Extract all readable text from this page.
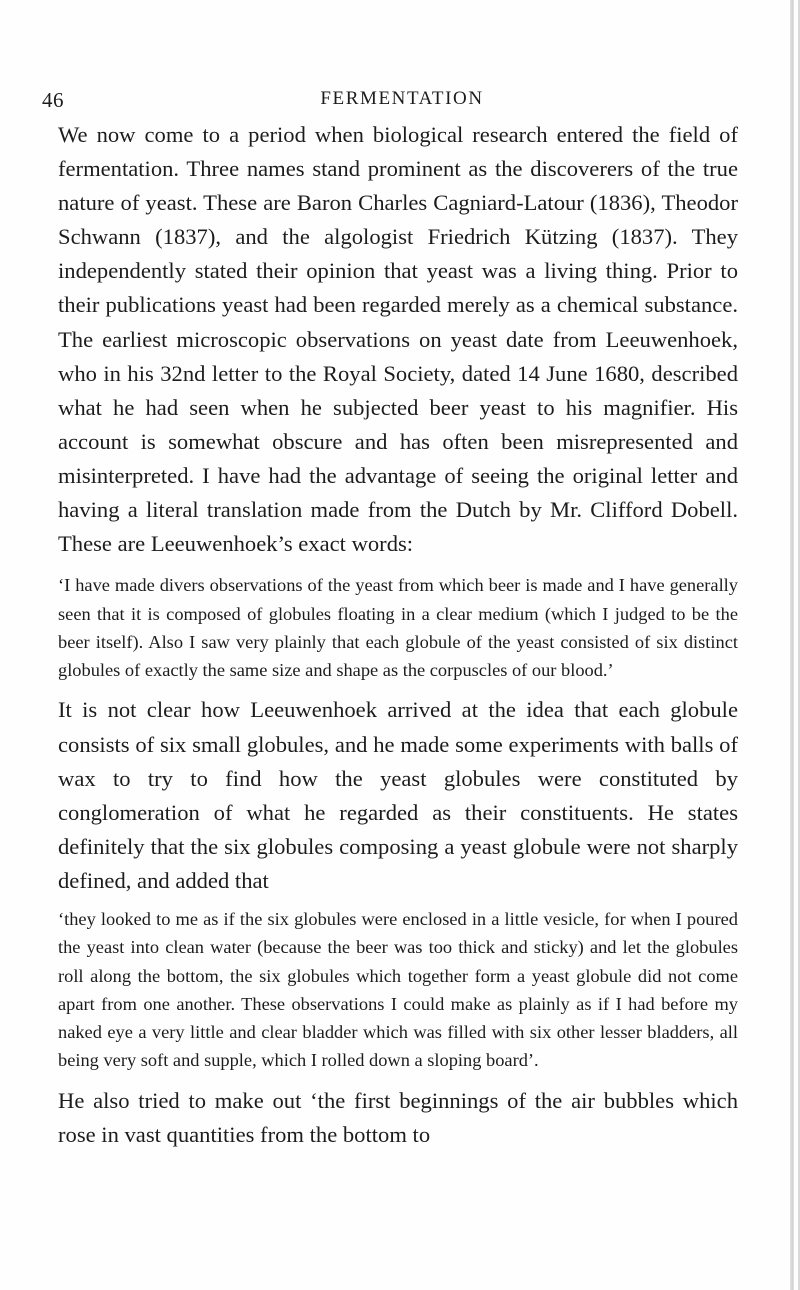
46	FERMENTATION

We now come to a period when biological research entered the field of fermentation. Three names stand prominent as the discoverers of the true nature of yeast. These are Baron Charles Cagniard-Latour (1836), Theodor Schwann (1837), and the algologist Friedrich Kützing (1837). They independently stated their opinion that yeast was a living thing. Prior to their publications yeast had been regarded merely as a chemical substance. The earliest microscopic observations on yeast date from Leeuwenhoek, who in his 32nd letter to the Royal Society, dated 14 June 1680, described what he had seen when he subjected beer yeast to his magnifier. His account is somewhat obscure and has often been misrepresented and misinterpreted. I have had the advantage of seeing the original letter and having a literal translation made from the Dutch by Mr. Clifford Dobell. These are Leeuwenhoek’s exact words:

‘I have made divers observations of the yeast from which beer is made and I have generally seen that it is composed of globules floating in a clear medium (which I judged to be the beer itself). Also I saw very plainly that each globule of the yeast consisted of six distinct globules of exactly the same size and shape as the corpuscles of our blood.’

It is not clear how Leeuwenhoek arrived at the idea that each globule consists of six small globules, and he made some experiments with balls of wax to try to find how the yeast globules were constituted by conglomeration of what he regarded as their constituents. He states definitely that the six globules composing a yeast globule were not sharply defined, and added that

‘they looked to me as if the six globules were enclosed in a little vesicle, for when I poured the yeast into clean water (because the beer was too thick and sticky) and let the globules roll along the bottom, the six globules which together form a yeast globule did not come apart from one another. These observations I could make as plainly as if I had before my naked eye a very little and clear bladder which was filled with six other lesser bladders, all being very soft and supple, which I rolled down a sloping board’.

He also tried to make out ‘the first beginnings of the air bubbles which rose in vast quantities from the bottom to
